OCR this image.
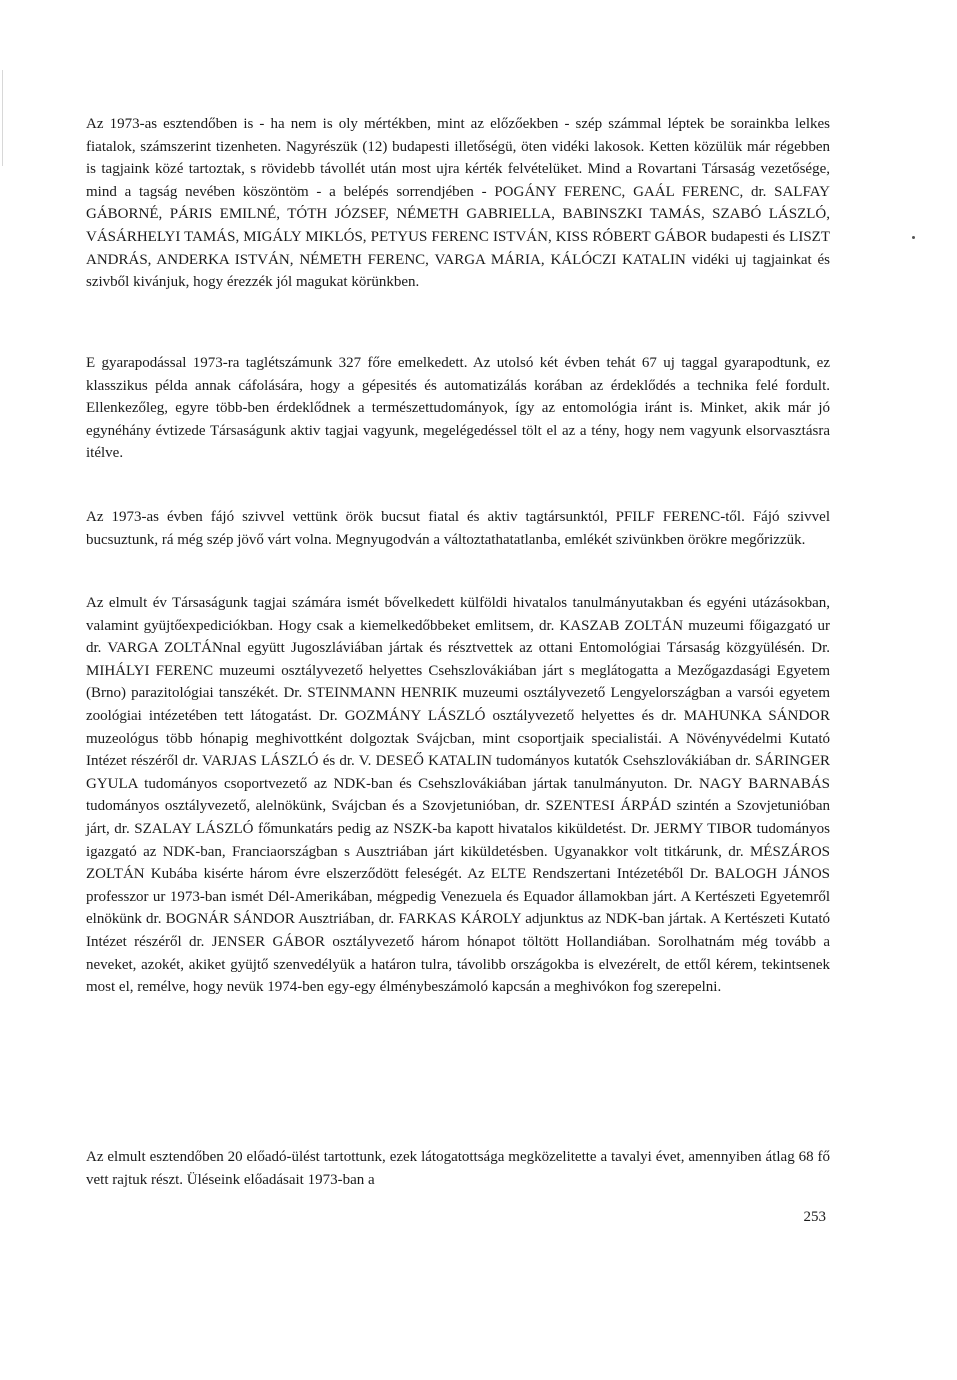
Az 1973-as esztendőben is - ha nem is oly mértékben, mint az előzőekben - szép számmal léptek be sorainkba lelkes fiatalok, számszerint tizenheten. Nagyrészük (12) budapesti illetőségü, öten vidéki lakosok. Ketten közülük már régebben is tagjaink közé tartoztak, s rövidebb távollét után most ujra kérték felvételüket. Mind a Rovartani Társaság vezetősége, mind a tagság nevében köszöntöm - a belépés sorrendjében - POGÁNY FERENC, GAÁL FERENC, dr. SALFAY GÁBORNÉ, PÁRIS EMILNÉ, TÓTH JÓZSEF, NÉMETH GABRIELLA, BABINSZKI TAMÁS, SZABÓ LÁSZLÓ, VÁSÁRHELYI TAMÁS, MIGÁLY MIKLÓS, PETYUS FERENC ISTVÁN, KISS RÓBERT GÁBOR budapesti és LISZT ANDRÁS, ANDERKA ISTVÁN, NÉMETH FERENC, VARGA MÁRIA, KÁLÓCZI KATALIN vidéki uj tagjainkat és szivből kivánjuk, hogy érezzék jól magukat körünkben.

E gyarapodással 1973-ra taglétszámunk 327 főre emelkedett. Az utolsó két évben tehát 67 uj taggal gyarapodtunk, ez klasszikus példa annak cáfolására, hogy a gépesités és automatizálás korában az érdeklődés a technika felé fordult. Ellenkezőleg, egyre több-ben érdeklődnek a természettudományok, így az entomológia iránt is. Minket, akik már jó egynéhány évtizede Társaságunk aktiv tagjai vagyunk, megelégedéssel tölt el az a tény, hogy nem vagyunk elsorvasztásra itélve.

Az 1973-as évben fájó szivvel vettünk örök bucsut fiatal és aktiv tagtársunktól, PFILF FERENC-től. Fájó szivvel bucsuztunk, rá még szép jövő várt volna. Megnyugodván a változtathatatlanba, emlékét szivünkben örökre megőrizzük.

Az elmult év Társaságunk tagjai számára ismét bővelkedett külföldi hivatalos tanulmányutakban és egyéni utázásokban, valamint gyüjtőexpediciókban. Hogy csak a kiemelkedőbbeket emlitsem, dr. KASZAB ZOLTÁN muzeumi főigazgató ur dr. VARGA ZOLTÁNnal együtt Jugoszláviában jártak és résztvettek az ottani Entomológiai Társaság közgyülésén. Dr. MIHÁLYI FERENC muzeumi osztályvezető helyettes Csehszlovákiában járt s meglátogatta a Mezőgazdasági Egyetem (Brno) parazitológiai tanszékét. Dr. STEINMANN HENRIK muzeumi osztályvezető Lengyelországban a varsói egyetem zoológiai intézetében tett látogatást. Dr. GOZMÁNY LÁSZLÓ osztályvezető helyettes és dr. MAHUNKA SÁNDOR muzeológus több hónapig meghivottként dolgoztak Svájcban, mint csoportjaik specialistái. A Növényvédelmi Kutató Intézet részéről dr. VARJAS LÁSZLÓ és dr. V. DESEŐ KATALIN tudományos kutatók Csehszlovákiában dr. SÁRINGER GYULA tudományos csoportvezető az NDK-ban és Csehszlovákiában jártak tanulmányuton. Dr. NAGY BARNABÁS tudományos osztályvezető, alelnökünk, Svájcban és a Szovjetunióban, dr. SZENTESI ÁRPÁD szintén a Szovjetunióban járt, dr. SZALAY LÁSZLÓ főmunkatárs pedig az NSZK-ba kapott hivatalos kiküldetést. Dr. JERMY TIBOR tudományos igazgató az NDK-ban, Franciaországban s Ausztriában járt kiküldetésben. Ugyanakkor volt titkárunk, dr. MÉSZÁROS ZOLTÁN Kubába kisérte három évre elszerződött feleségét. Az ELTE Rendszertani Intézetéből Dr. BALOGH JÁNOS professzor ur 1973-ban ismét Dél-Amerikában, mégpedig Venezuela és Equador államokban járt. A Kertészeti Egyetemről elnökünk dr. BOGNÁR SÁNDOR Ausztriában, dr. FARKAS KÁROLY adjunktus az NDK-ban jártak. A Kertészeti Kutató Intézet részéről dr. JENSER GÁBOR osztályvezető három hónapot töltött Hollandiában. Sorolhatnám még tovább a neveket, azokét, akiket gyüjtő szenvedélyük a határon tulra, távolibb országokba is elvezérelt, de ettől kérem, tekintsenek most el, remélve, hogy nevük 1974-ben egy-egy élménybeszámoló kapcsán a meghivókon fog szerepelni.

Az elmult esztendőben 20 előadó-ülést tartottunk, ezek látogatottsága megközelitette a tavalyi évet, amennyiben átlag 68 fő vett rajtuk részt. Üléseink előadásait 1973-ban a

253
